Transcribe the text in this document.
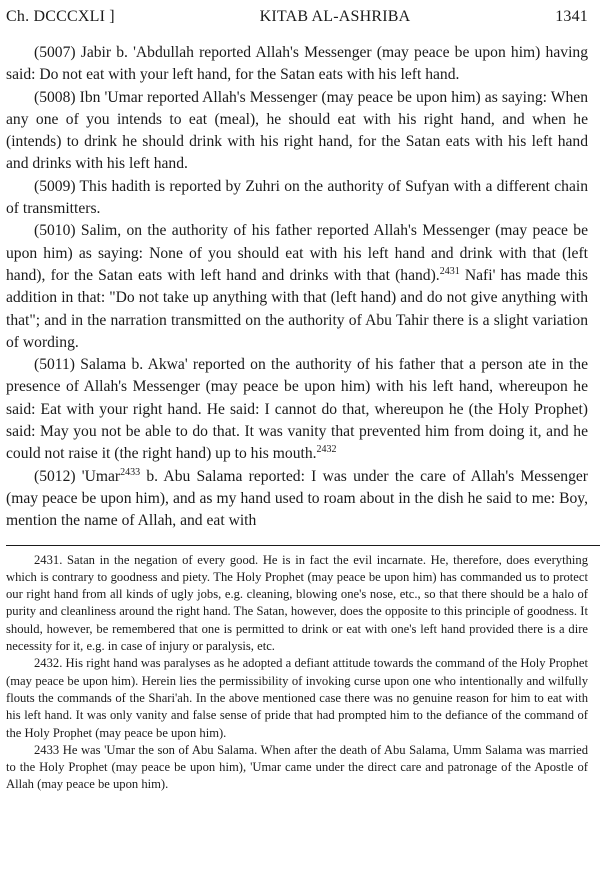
Ch. DCCCXLI ]	KITAB AL-ASHRIBA	1341

(5007) Jabir b. 'Abdullah reported Allah's Messenger (may peace be upon him) having said: Do not eat with your left hand, for the Satan eats with his left hand.

(5008) Ibn 'Umar reported Allah's Messenger (may peace be upon him) as saying: When any one of you intends to eat (meal), he should eat with his right hand, and when he (intends) to drink he should drink with his right hand, for the Satan eats with his left hand and drinks with his left hand.

(5009) This hadith is reported by Zuhri on the authority of Sufyan with a different chain of transmitters.

(5010) Salim, on the authority of his father reported Allah's Messenger (may peace be upon him) as saying: None of you should eat with his left hand and drink with that (left hand), for the Satan eats with left hand and drinks with that (hand).$^{2431}$ Nafi' has made this addition in that: "Do not take up anything with that (left hand) and do not give anything with that"; and in the narration transmitted on the authority of Abu Tahir there is a slight variation of wording.

(5011) Salama b. Akwa' reported on the authority of his father that a person ate in the presence of Allah's Messenger (may peace be upon him) with his left hand, whereupon he said: Eat with your right hand. He said: I cannot do that, whereupon he (the Holy Prophet) said: May you not be able to do that. It was vanity that prevented him from doing it, and he could not raise it (the right hand) up to his mouth.$^{2432}$

(5012) 'Umar$^{2433}$ b. Abu Salama reported: I was under the care of Allah's Messenger (may peace be upon him), and as my hand used to roam about in the dish he said to me: Boy, mention the name of Allah, and eat with

2431. Satan in the negation of every good. He is in fact the evil incarnate. He, therefore, does everything which is contrary to goodness and piety. The Holy Prophet (may peace be upon him) has commanded us to protect our right hand from all kinds of ugly jobs, e.g. cleaning, blowing one's nose, etc., so that there should be a halo of purity and cleanliness around the right hand. The Satan, however, does the opposite to this principle of goodness. It should, however, be remembered that one is permitted to drink or eat with one's left hand provided there is a dire necessity for it, e.g. in case of injury or paralysis, etc.

2432. His right hand was paralyses as he adopted a defiant attitude towards the command of the Holy Prophet (may peace be upon him). Herein lies the permissibility of invoking curse upon one who intentionally and wilfully flouts the commands of the Shari'ah. In the above mentioned case there was no genuine reason for him to eat with his left hand. It was only vanity and false sense of pride that had prompted him to the defiance of the command of the Holy Prophet (may peace be upon him).

2433 He was 'Umar the son of Abu Salama. When after the death of Abu Salama, Umm Salama was married to the Holy Prophet (may peace be upon him), 'Umar came under the direct care and patronage of the Apostle of Allah (may peace be upon him).
